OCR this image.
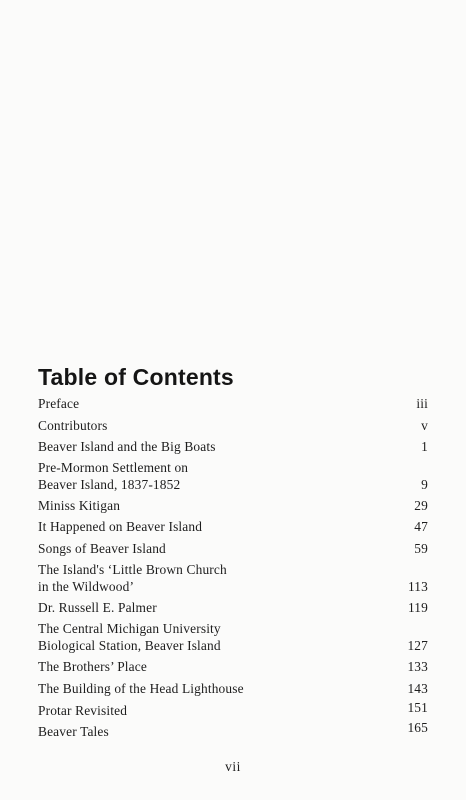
Table of Contents
Preface	iii
Contributors	v
Beaver Island and the Big Boats	1
Pre-Mormon Settlement on
Beaver Island, 1837-1852	9
Miniss Kitigan	29
It Happened on Beaver Island	47
Songs of Beaver Island	59
The Island's ‘Little Brown Church
in the Wildwood’	113
Dr. Russell E. Palmer	119
The Central Michigan University
Biological Station, Beaver Island	127
The Brothers’ Place	133
The Building of the Head Lighthouse	143
Protar Revisited	151
Beaver Tales	165
vii
